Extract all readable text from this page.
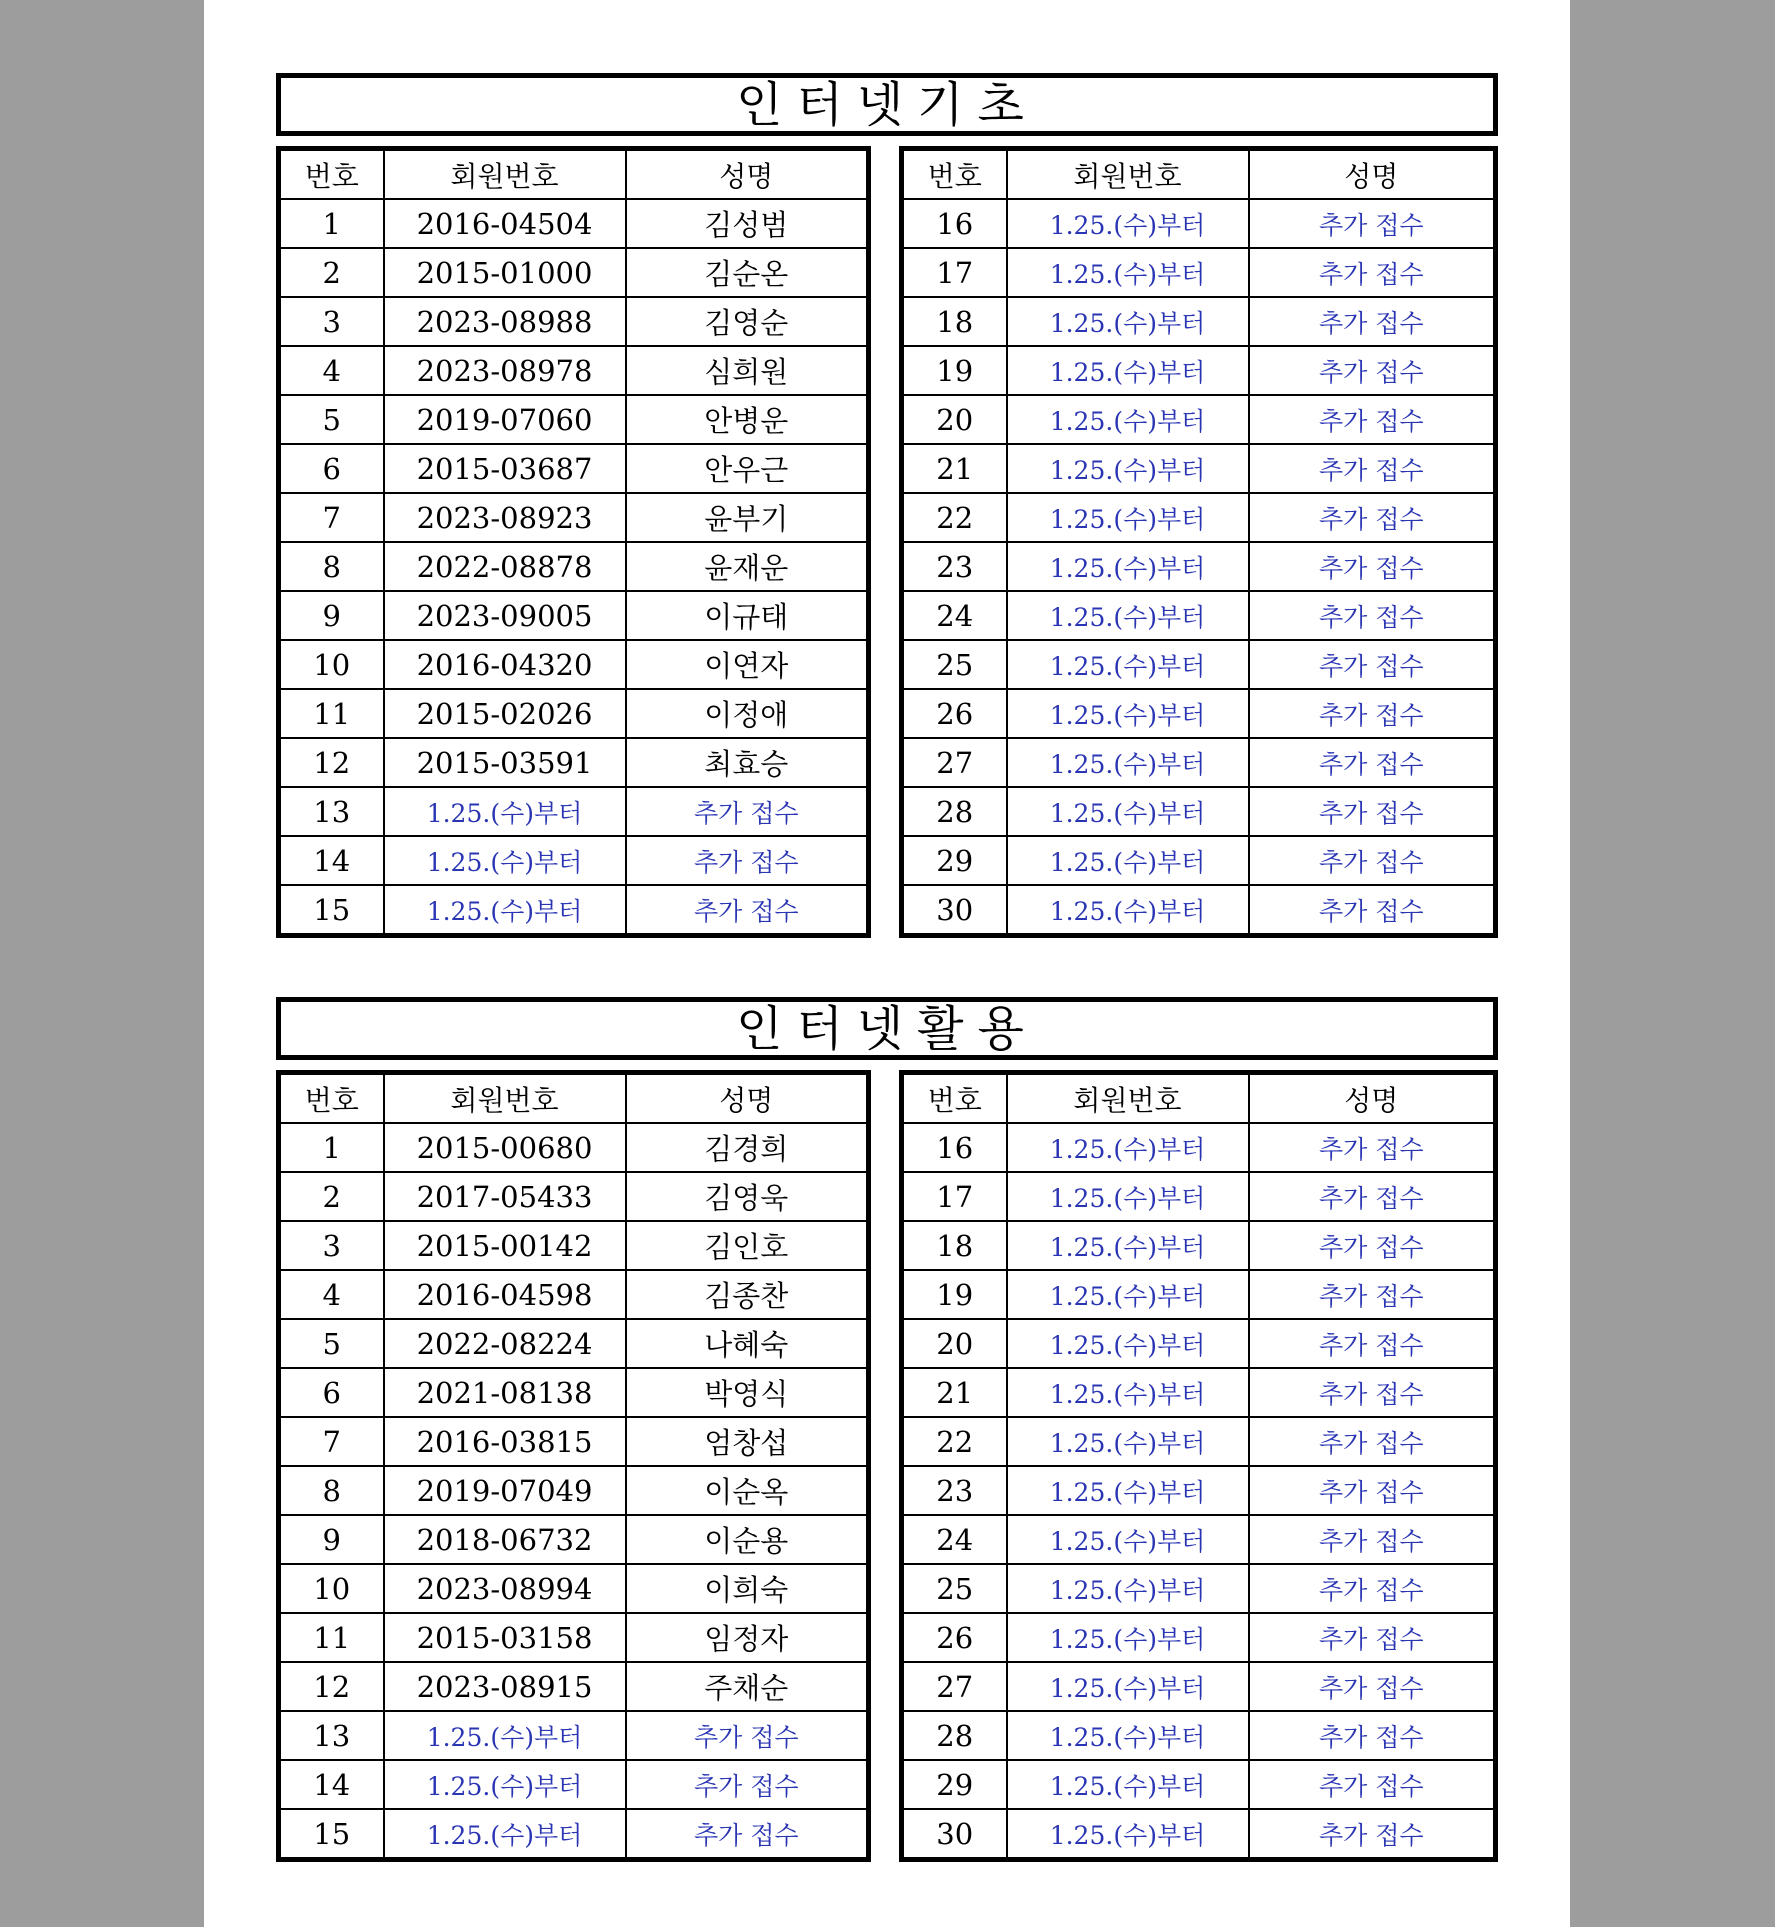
인터넷기초
번호	회원번호	성명
1	2016-04504	김성범
2	2015-01000	김순온
3	2023-08988	김영순
4	2023-08978	심희원
5	2019-07060	안병운
6	2015-03687	안우근
7	2023-08923	윤부기
8	2022-08878	윤재운
9	2023-09005	이규태
10	2016-04320	이연자
11	2015-02026	이정애
12	2015-03591	최효승
13	1.25.(수)부터	추가 접수
14	1.25.(수)부터	추가 접수
15	1.25.(수)부터	추가 접수
번호	회원번호	성명
16	1.25.(수)부터	추가 접수
17	1.25.(수)부터	추가 접수
18	1.25.(수)부터	추가 접수
19	1.25.(수)부터	추가 접수
20	1.25.(수)부터	추가 접수
21	1.25.(수)부터	추가 접수
22	1.25.(수)부터	추가 접수
23	1.25.(수)부터	추가 접수
24	1.25.(수)부터	추가 접수
25	1.25.(수)부터	추가 접수
26	1.25.(수)부터	추가 접수
27	1.25.(수)부터	추가 접수
28	1.25.(수)부터	추가 접수
29	1.25.(수)부터	추가 접수
30	1.25.(수)부터	추가 접수
인터넷활용
번호	회원번호	성명
1	2015-00680	김경희
2	2017-05433	김영욱
3	2015-00142	김인호
4	2016-04598	김종찬
5	2022-08224	나혜숙
6	2021-08138	박영식
7	2016-03815	엄창섭
8	2019-07049	이순옥
9	2018-06732	이순용
10	2023-08994	이희숙
11	2015-03158	임정자
12	2023-08915	주채순
13	1.25.(수)부터	추가 접수
14	1.25.(수)부터	추가 접수
15	1.25.(수)부터	추가 접수
번호	회원번호	성명
16	1.25.(수)부터	추가 접수
17	1.25.(수)부터	추가 접수
18	1.25.(수)부터	추가 접수
19	1.25.(수)부터	추가 접수
20	1.25.(수)부터	추가 접수
21	1.25.(수)부터	추가 접수
22	1.25.(수)부터	추가 접수
23	1.25.(수)부터	추가 접수
24	1.25.(수)부터	추가 접수
25	1.25.(수)부터	추가 접수
26	1.25.(수)부터	추가 접수
27	1.25.(수)부터	추가 접수
28	1.25.(수)부터	추가 접수
29	1.25.(수)부터	추가 접수
30	1.25.(수)부터	추가 접수
